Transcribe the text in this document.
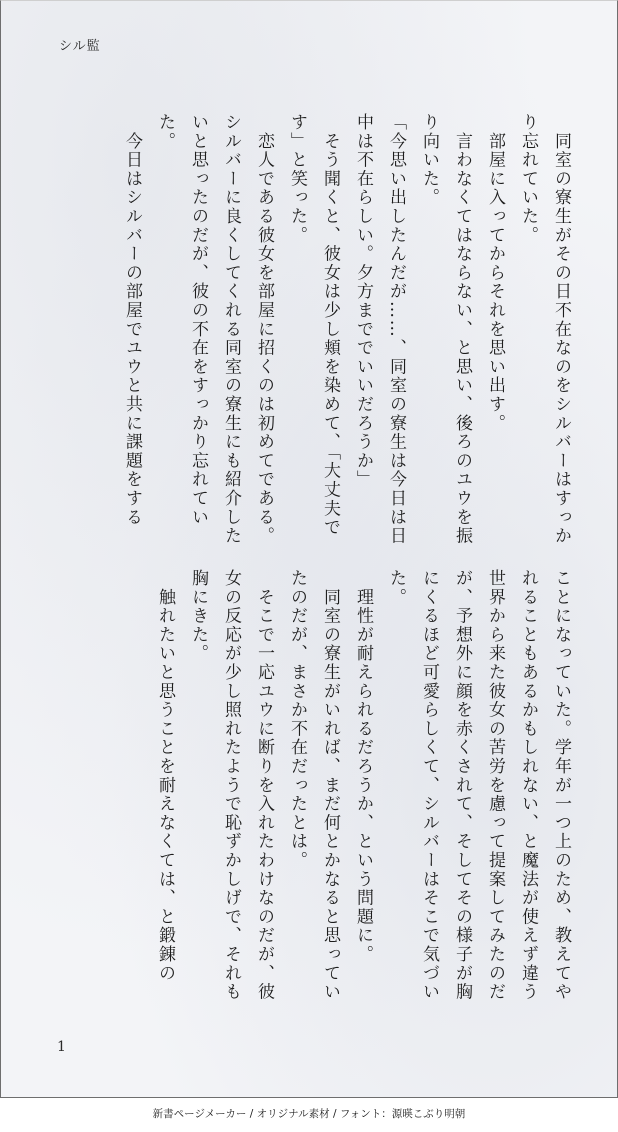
シル監

　同室の寮生がその日不在なのをシルバーはすっかり忘れていた。

　部屋に入ってからそれを思い出す。

　言わなくてはならない、と思い、後ろのユウを振り向いた。

「今思い出したんだが……、同室の寮生は今日は日中は不在らしい。夕方まででいいだろうか」

　そう聞くと、彼女は少し頬を染めて、「大丈夫です」と笑った。

　恋人である彼女を部屋に招くのは初めてである。シルバーに良くしてくれる同室の寮生にも紹介したいと思ったのだが、彼の不在をすっかり忘れていた。

　今日はシルバーの部屋でユウと共に課題をする

ことになっていた。学年が一つ上のため、教えてやれることもあるかもしれない、と魔法が使えず違う世界から来た彼女の苦労を慮って提案してみたのだが、予想外に顔を赤くされて、そしてその様子が胸にくるほど可愛らしくて、シルバーはそこで気づいた。

　理性が耐えられるだろうか、という問題に。

　同室の寮生がいれば、まだ何とかなると思っていたのだが、まさか不在だったとは。

　そこで一応ユウに断りを入れたわけなのだが、彼女の反応が少し照れたようで恥ずかしげで、それも胸にきた。

　触れたいと思うことを耐えなくては、と鍛錬の

1
新書ページメーカー / オリジナル素材 / フォント：源暎こぶり明朝
